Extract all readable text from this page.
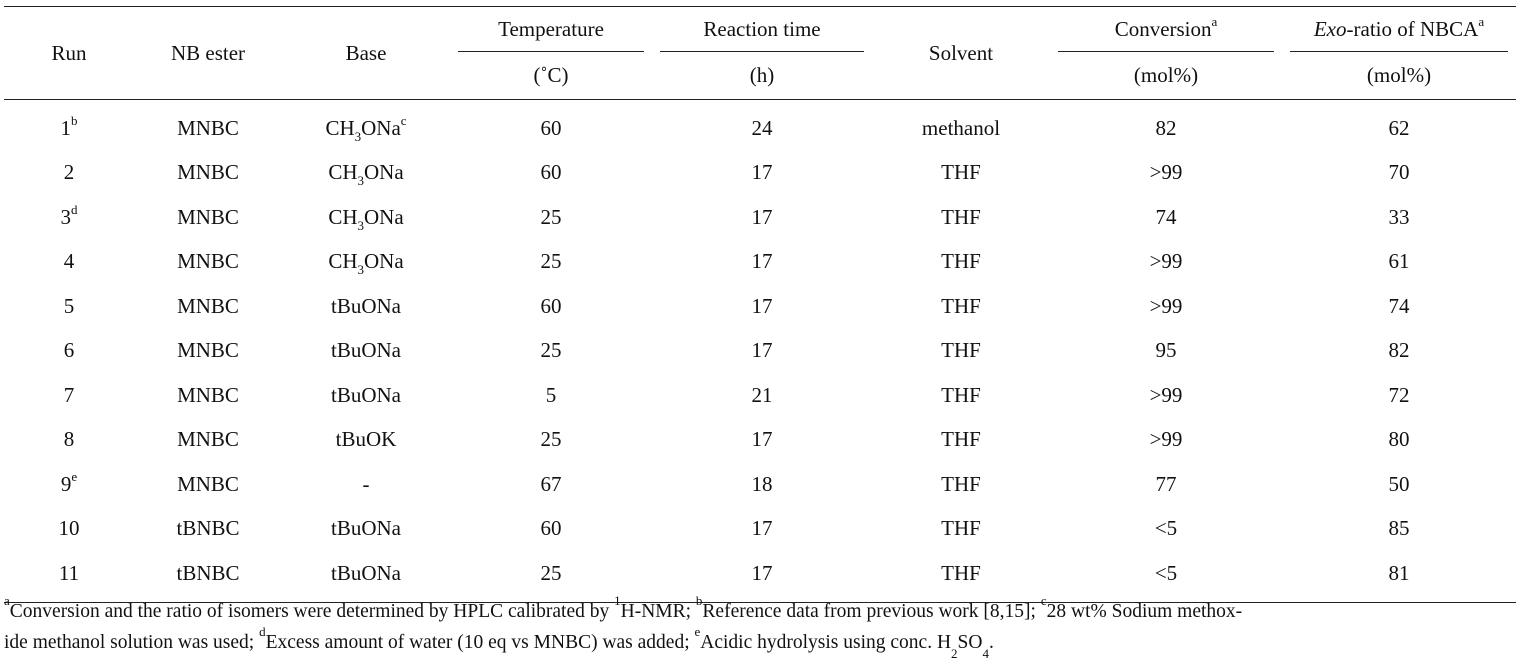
Run	NB ester	Base	Temperature	Reaction time	Solvent	Conversion$^a$	Exo-ratio of NBCA$^a$
			(˚C)	(h)		(mol%)	(mol%)
1$^b$	MNBC	$CH_3ONa^c$	60	24	methanol	82	62
2	MNBC	$CH_3ONa$	60	17	THF	>99	70
3$^d$	MNBC	$CH_3ONa$	25	17	THF	74	33
4	MNBC	$CH_3ONa$	25	17	THF	>99	61
5	MNBC	tBuONa	60	17	THF	>99	74
6	MNBC	tBuONa	25	17	THF	95	82
7	MNBC	tBuONa	5	21	THF	>99	72
8	MNBC	tBuOK	25	17	THF	>99	80
9e	MNBC	-	67	18	THF	77	50
10	tBNBC	tBuONa	60	17	THF	<5	85
11	tBNBC	tBuONa	25	17	THF	<5	81
$^a$Conversion and the ratio of isomers were determined by HPLC calibrated by $^1$H-NMR; $^b$Reference data from previous work [8,15]; $^c$28 wt% Sodium methox-
ide methanol solution was used; $^d$Excess amount of water (10 eq vs MNBC) was added; $^e$Acidic hydrolysis using conc. $H_2SO_4$.
